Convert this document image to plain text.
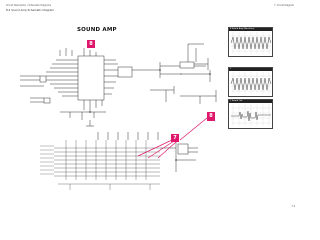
Circuit Description / Schematic Diagrams	7. Circuit Diagram
8-2 Sound Amp Schematic Diagram
SOUND AMP
8
7
8
8 Sound Amp Waveform
7
7 Sound Out
7-9
